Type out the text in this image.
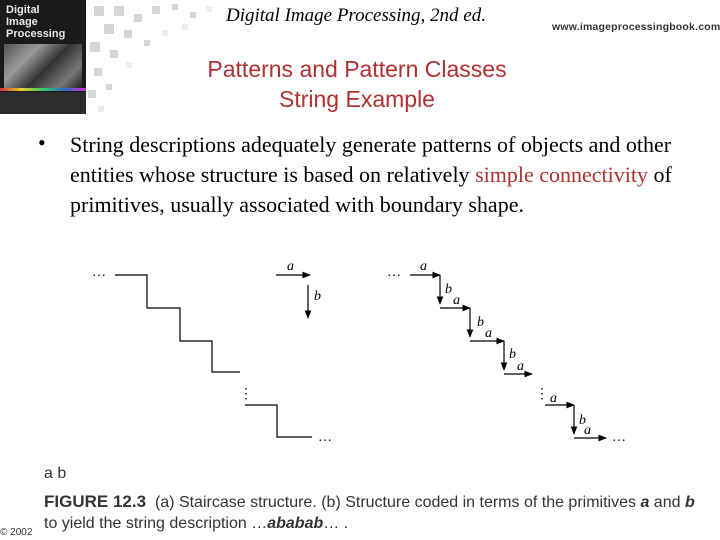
Digital
Image
Processing
Digital Image Processing, 2nd ed.
www.imageprocessingbook.com
Patterns and Pattern Classes
String Example
• String descriptions adequately generate patterns of objects and other entities whose structure is based on relatively simple connectivity of primitives, usually associated with boundary shape.
…
⋮
…
a
b
… a
b
a
b
a
b
a
⋮ a
b
a …
a b
FIGURE 12.3 (a) Staircase structure. (b) Structure coded in terms of the primitives a and b to yield the string description …ababab… .
© 2002
